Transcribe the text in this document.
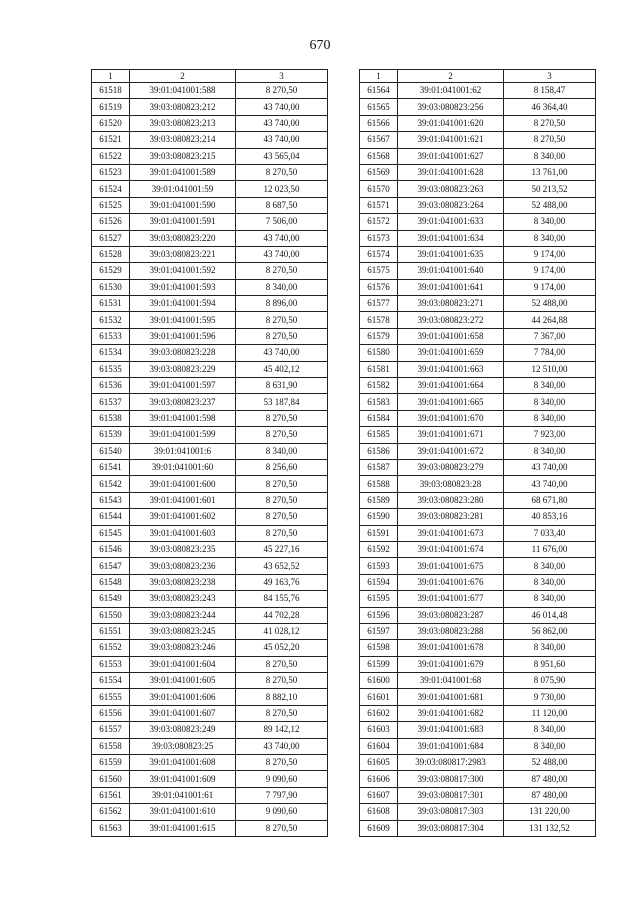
670
1	2	3
61518	39:01:041001:588	8 270,50
61519	39:03:080823:212	43 740,00
61520	39:03:080823:213	43 740,00
61521	39:03:080823:214	43 740,00
61522	39:03:080823:215	43 565,04
61523	39:01:041001:589	8 270,50
61524	39:01:041001:59	12 023,50
61525	39:01:041001:590	8 687,50
61526	39:01:041001:591	7 506,00
61527	39:03:080823:220	43 740,00
61528	39:03:080823:221	43 740,00
61529	39:01:041001:592	8 270,50
61530	39:01:041001:593	8 340,00
61531	39:01:041001:594	8 896,00
61532	39:01:041001:595	8 270,50
61533	39:01:041001:596	8 270,50
61534	39:03:080823:228	43 740,00
61535	39:03:080823:229	45 402,12
61536	39:01:041001:597	8 631,90
61537	39:03:080823:237	53 187,84
61538	39:01:041001:598	8 270,50
61539	39:01:041001:599	8 270,50
61540	39:01:041001:6	8 340,00
61541	39:01:041001:60	8 256,60
61542	39:01:041001:600	8 270,50
61543	39:01:041001:601	8 270,50
61544	39:01:041001:602	8 270,50
61545	39:01:041001:603	8 270,50
61546	39:03:080823:235	45 227,16
61547	39:03:080823:236	43 652,52
61548	39:03:080823:238	49 163,76
61549	39:03:080823:243	84 155,76
61550	39:03:080823:244	44 702,28
61551	39:03:080823:245	41 028,12
61552	39:03:080823:246	45 052,20
61553	39:01:041001:604	8 270,50
61554	39:01:041001:605	8 270,50
61555	39:01:041001:606	8 882,10
61556	39:01:041001:607	8 270,50
61557	39:03:080823:249	89 142,12
61558	39:03:080823:25	43 740,00
61559	39:01:041001:608	8 270,50
61560	39:01:041001:609	9 090,60
61561	39:01:041001:61	7 797,90
61562	39:01:041001:610	9 090,60
61563	39:01:041001:615	8 270,50
1	2	3
61564	39:01:041001:62	8 158,47
61565	39:03:080823:256	46 364,40
61566	39:01:041001:620	8 270,50
61567	39:01:041001:621	8 270,50
61568	39:01:041001:627	8 340,00
61569	39:01:041001:628	13 761,00
61570	39:03:080823:263	50 213,52
61571	39:03:080823:264	52 488,00
61572	39:01:041001:633	8 340,00
61573	39:01:041001:634	8 340,00
61574	39:01:041001:635	9 174,00
61575	39:01:041001:640	9 174,00
61576	39:01:041001:641	9 174,00
61577	39:03:080823:271	52 488,00
61578	39:03:080823:272	44 264,88
61579	39:01:041001:658	7 367,00
61580	39:01:041001:659	7 784,00
61581	39:01:041001:663	12 510,00
61582	39:01:041001:664	8 340,00
61583	39:01:041001:665	8 340,00
61584	39:01:041001:670	8 340,00
61585	39:01:041001:671	7 923,00
61586	39:01:041001:672	8 340,00
61587	39:03:080823:279	43 740,00
61588	39:03:080823:28	43 740,00
61589	39:03:080823:280	68 671,80
61590	39:03:080823:281	40 853,16
61591	39:01:041001:673	7 033,40
61592	39:01:041001:674	11 676,00
61593	39:01:041001:675	8 340,00
61594	39:01:041001:676	8 340,00
61595	39:01:041001:677	8 340,00
61596	39:03:080823:287	46 014,48
61597	39:03:080823:288	56 862,00
61598	39:01:041001:678	8 340,00
61599	39:01:041001:679	8 951,60
61600	39:01:041001:68	8 075,90
61601	39:01:041001:681	9 730,00
61602	39:01:041001:682	11 120,00
61603	39:01:041001:683	8 340,00
61604	39:01:041001:684	8 340,00
61605	39:03:080817:2983	52 488,00
61606	39:03:080817:300	87 480,00
61607	39:03:080817:301	87 480,00
61608	39:03:080817:303	131 220,00
61609	39:03:080817:304	131 132,52
